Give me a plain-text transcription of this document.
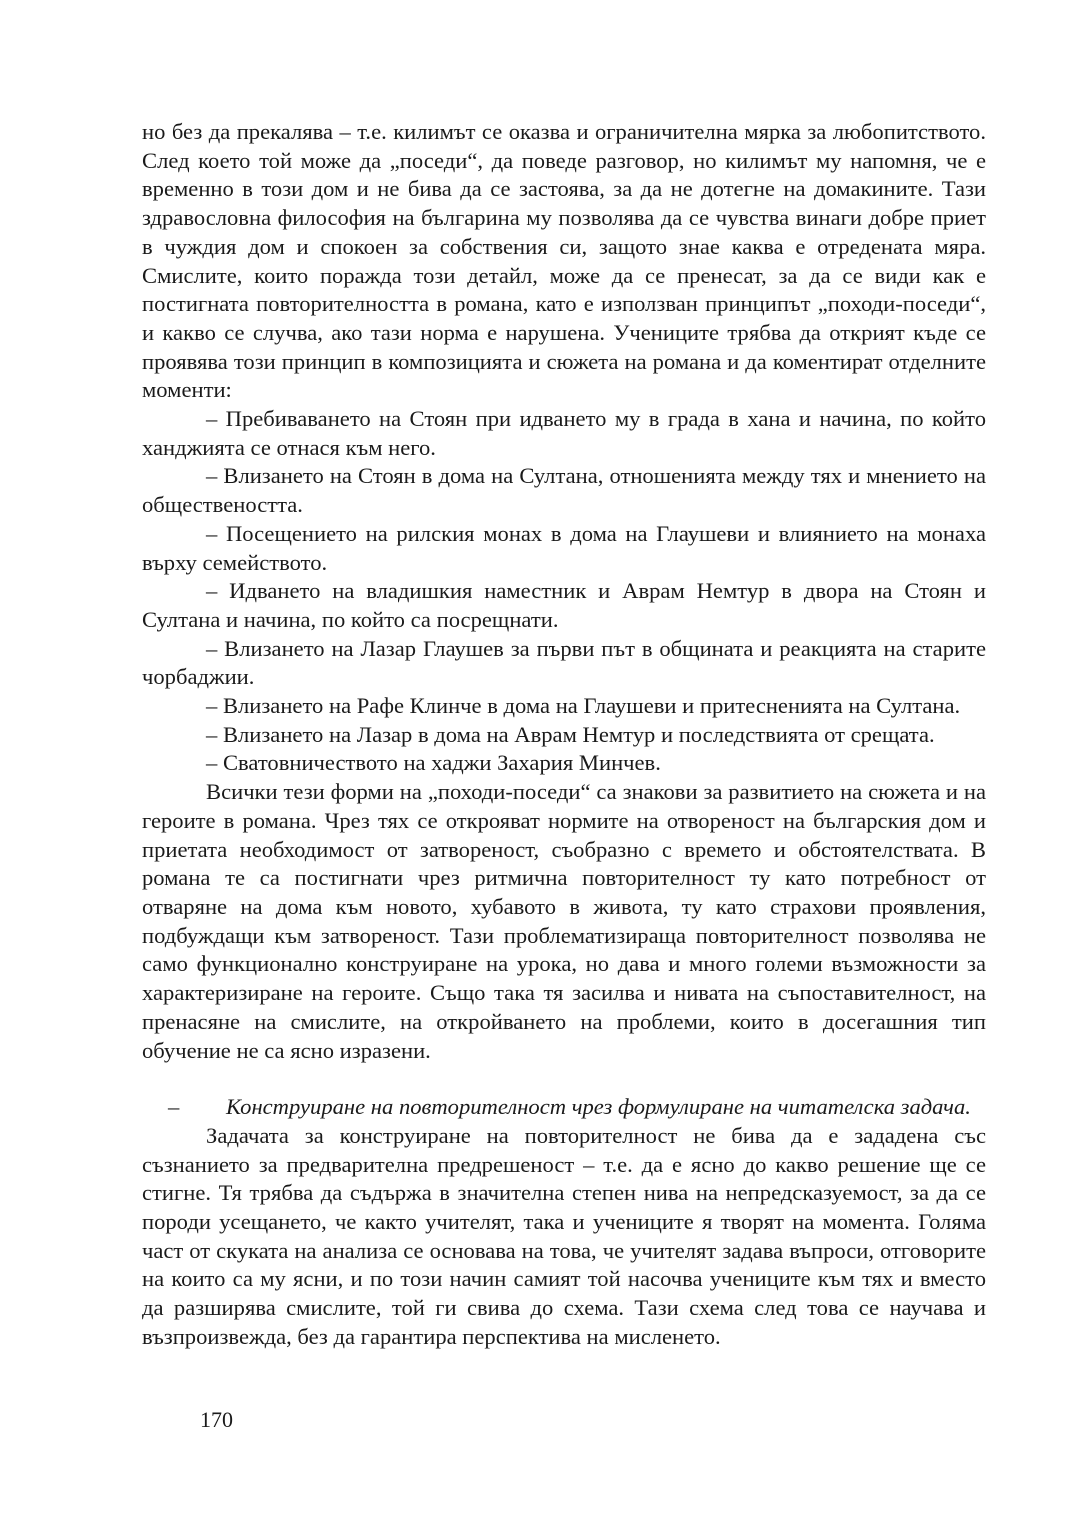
но без да прекалява – т.е. килимът се оказва и ограничителна мярка за любопитството. След което той може да „поседи“, да поведе разговор, но килимът му напомня, че е временно в този дом и не бива да се застоява, за да не дотегне на домакините. Тази здравословна философия на българина му позволява да се чувства винаги добре приет в чуждия дом и спокоен за собствения си, защото знае каква е отредената мяра. Смислите, които поражда този детайл, може да се пренесат, за да се види как е постигната повторителността в романа, като е използван принципът „походи-поседи“, и какво се случва, ако тази норма е нарушена. Учениците трябва да открият къде се проявява този принцип в композицията и сюжета на романа и да коментират отделните моменти:

– Пребиваването на Стоян при идването му в града в хана и начина, по който ханджията се отнася към него.

– Влизането на Стоян в дома на Султана, отношенията между тях и мнението на обществеността.

– Посещението на рилския монах в дома на Глаушеви и влиянието на монаха върху семейството.

– Идването на владишкия наместник и Аврам Немтур в двора на Стоян и Султана и начина, по който са посрещнати.

– Влизането на Лазар Глаушев за първи път в общината и реакцията на старите чорбаджии.

– Влизането на Рафе Клинче в дома на Глаушеви и притесненията на Султана.

– Влизането на Лазар в дома на Аврам Немтур и последствията от срещата.

– Сватовничеството на хаджи Захария Минчев.

Всички тези форми на „походи-поседи“ са знакови за развитието на сюжета и на героите в романа. Чрез тях се открояват нормите на отвореност на българския дом и приетата необходимост от затвореност, съобразно с времето и обстоятелствата. В романа те са постигнати чрез ритмична повторителност ту като потребност от отваряне на дома към новото, хубавото в живота, ту като страхови проявления, подбуждащи към затвореност. Тази проблематизираща повторителност позволява не само функционално конструиране на урока, но дава и много големи възможности за характеризиране на героите. Също така тя засилва и нивата на съпоставителност, на пренасяне на смислите, на откройването на проблеми, които в досегашния тип обучение не са ясно изразени.

– Конструиране на повторителност чрез формулиране на читателска задача.

Задачата за конструиране на повторителност не бива да е зададена със съзнанието за предварителна предрешеност – т.е. да е ясно до какво решение ще се стигне. Тя трябва да съдържа в значителна степен нива на непредсказуемост, за да се породи усещането, че както учителят, така и учениците я творят на момента. Голяма част от скуката на анализа се основава на това, че учителят задава въпроси, отговорите на които са му ясни, и по този начин самият той насочва учениците към тях и вместо да разширява смислите, той ги свива до схема. Тази схема след това се научава и възпроизвежда, без да гарантира перспектива на мисленето.

170
